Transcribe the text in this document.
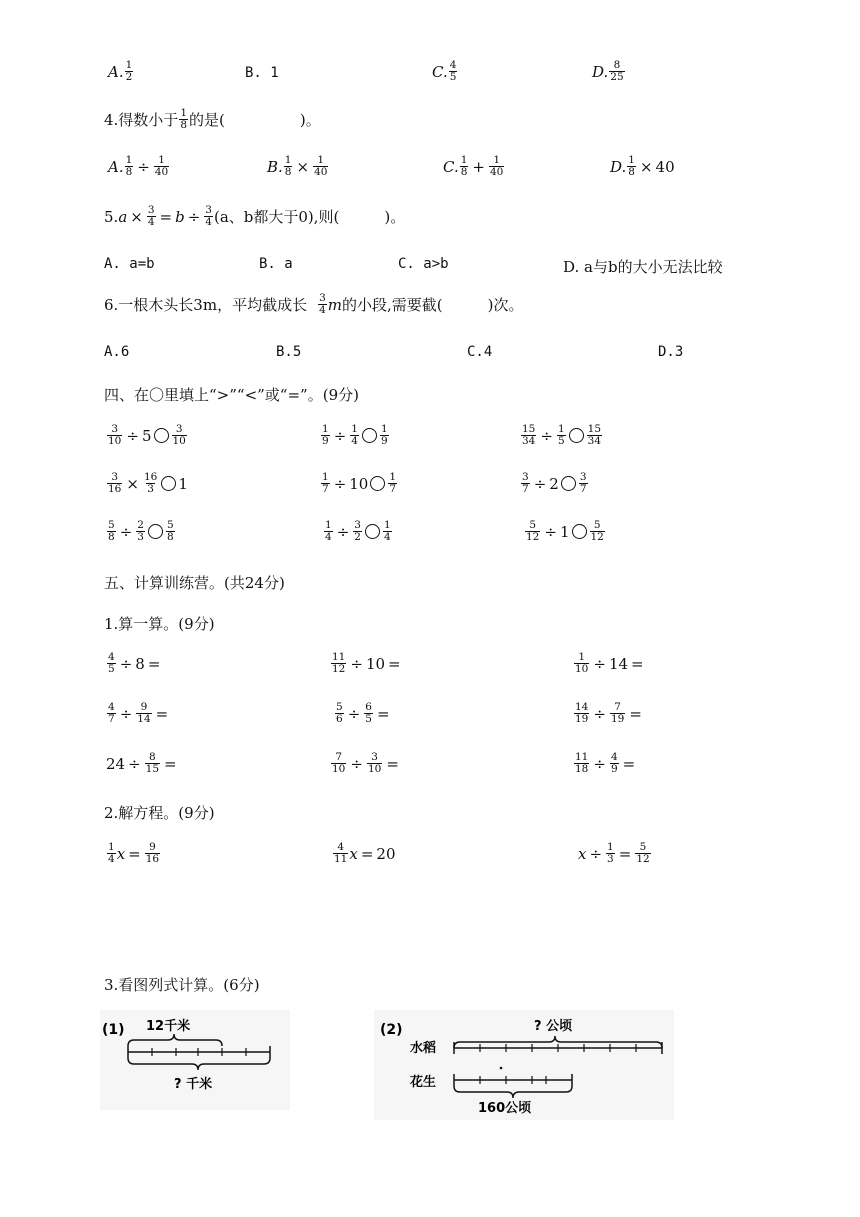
A. $\frac{1}{2}$	B. 1	C. $\frac{4}{5}$	D. $\frac{8}{25}$
4.得数小于 $\frac{1}{8}$ 的是(　　　　　)。
A. $\frac{1}{8} \div \frac{1}{40}$	B. $\frac{1}{8} \times \frac{1}{40}$	C. $\frac{1}{8} + \frac{1}{40}$	D. $\frac{1}{8} \times 40$
5. $a \times \frac{3}{4} = b \div \frac{3}{4} (a$、b都大于0),则(　　　)。
A. a=b	B. a	C. a>b	D. a与b的大小无法比较
6.一根木头长3m，平均截成长 $\frac{3}{4}$ m 的小段,需要截(　　　)次。
A.6	B.5	C.4	D.3
四、在〇里填上“>”“<”或“=”。(9分)
$\frac{3}{10} \div 5 \frac{3}{10}$	$\frac{1}{9} \div \frac{1}{4} \frac{1}{9}$	$\frac{15}{34} \div \frac{1}{5} \frac{15}{34}$
$\frac{3}{16} \times \frac{16}{3} 1$	$\frac{1}{7} \div 10 \frac{1}{7}$	$\frac{3}{7} \div 2 \frac{3}{7}$
$\frac{5}{8} \div \frac{2}{3} \frac{5}{8}$	$\frac{1}{4} \div \frac{3}{2} \frac{1}{4}$	$\frac{5}{12} \div 1 \frac{5}{12}$
五、计算训练营。(共24分)
1.算一算。(9分)
$\frac{4}{5} \div 8$ =	$\frac{11}{12} \div 10$ =	$\frac{1}{10} \div 14$ =
$\frac{4}{7} \div \frac{9}{14}$ =	$\frac{5}{6} \div \frac{6}{5}$ =	$\frac{14}{19} \div \frac{7}{19}$ =
$24 \div \frac{8}{15}$ =	$\frac{7}{10} \div \frac{3}{10}$ =	$\frac{11}{18} \div \frac{4}{9}$ =
2.解方程。(9分)
$\frac{1}{4}$ $x = \frac{9}{16}$	$\frac{4}{11}$ x = 20	$x \div \frac{1}{3} = \frac{5}{12}$
3.看图列式计算。(6分)
(1) 12千米
? 千米
(2)	? 公顷
水稻
花生
160公顷
